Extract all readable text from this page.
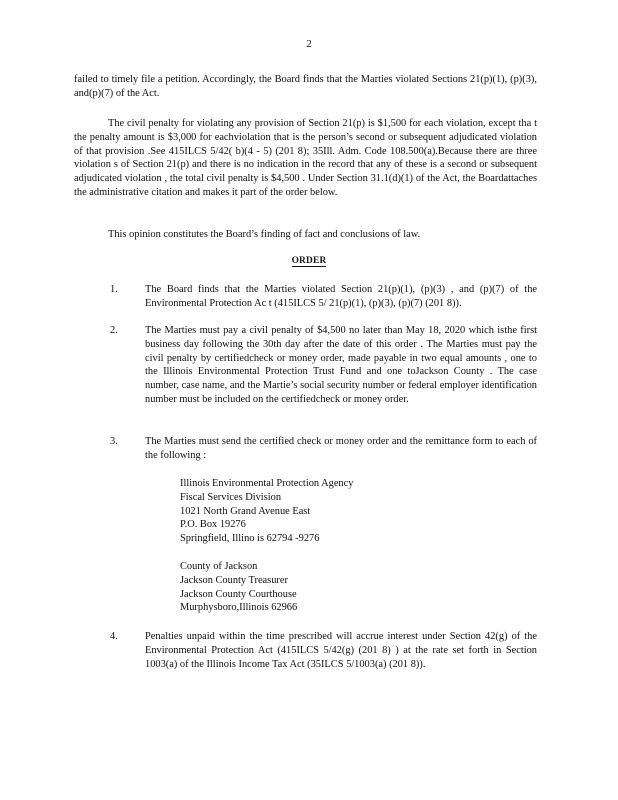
2
failed to timely file a petition. Accordingly, the Board finds that the Marties violated Sections 21(p)(1), (p)(3), and(p)(7) of the Act.
The civil penalty for violating any provision of Section 21(p) is $1,500 for each violation, except tha t the penalty amount is $3,000 for eachviolation that is the person’s second or subsequent adjudicated violation of that provision .See 415ILCS 5/42( b)(4 - 5) (201 8); 35Ill. Adm. Code 108.500(a).Because there are three violation s of Section 21(p) and there is no indication in the record that any of these is a second or subsequent adjudicated violation , the total civil penalty is $4,500 . Under Section 31.1(d)(1) of the Act, the Boardattaches the administrative citation and makes it part of the order below.
This opinion constitutes the Board’s finding of fact and conclusions of law.
ORDER
1.	The Board finds that the Marties violated Section 21(p)(1), (p)(3) , and (p)(7) of the Environmental Protection Ac t (415ILCS 5/ 21(p)(1), (p)(3), (p)(7) (201 8)).
2.	The Marties must pay a civil penalty of $4,500 no later than May 18, 2020 which isthe first business day following the 30th day after the date of this order . The Marties must pay the civil penalty by certifiedcheck or money order, made payable in two equal amounts , one to the Illinois Environmental Protection Trust Fund and one toJackson County . The case number, case name, and the Martie’s social security number or federal employer identification number must be included on the certifiedcheck or money order.
3.	The Marties must send the certified check or money order and the remittance form to each of the following :
Illinois Environmental Protection Agency
Fiscal Services Division
1021 North Grand Avenue East
P.O. Box 19276
Springfield, Illino is 62794 -9276
County of Jackson
Jackson County Treasurer
Jackson County Courthouse
Murphysboro,Illinois 62966
4.	Penalties unpaid within the time prescribed will accrue interest under Section 42(g) of the Environmental Protection Act (415ILCS 5/42(g) (201 8) ) at the rate set forth in Section 1003(a) of the Illinois Income Tax Act (35ILCS 5/1003(a) (201 8)).
